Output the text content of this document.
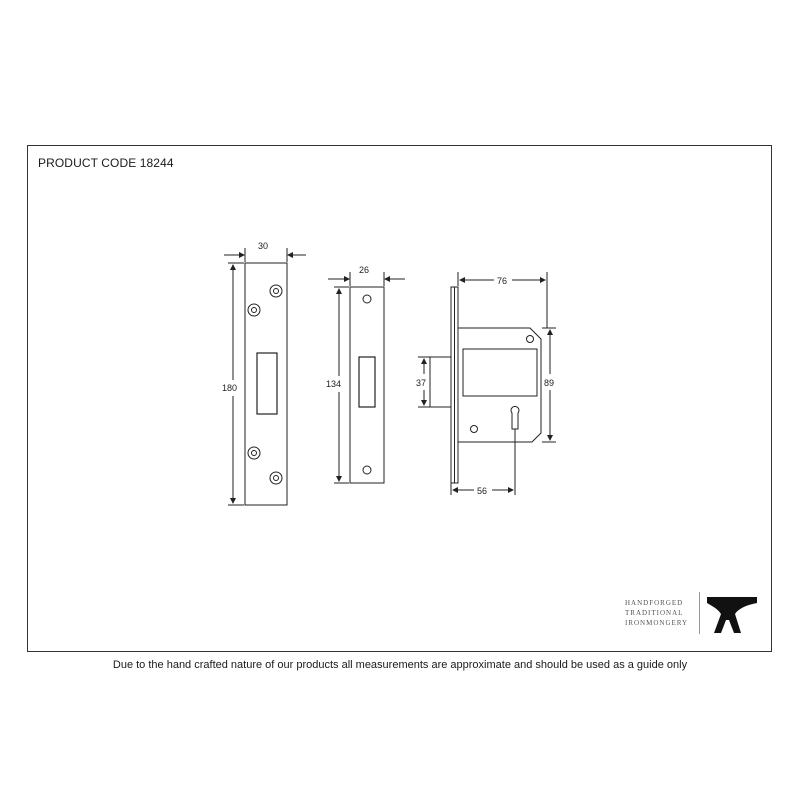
PRODUCT CODE 18244
30
180
26
134
76
89
37
56
HANDFORGED
TRADITIONAL
IRONMONGERY
Due to the hand crafted nature of our products all measurements are approximate and should be used as a guide only
